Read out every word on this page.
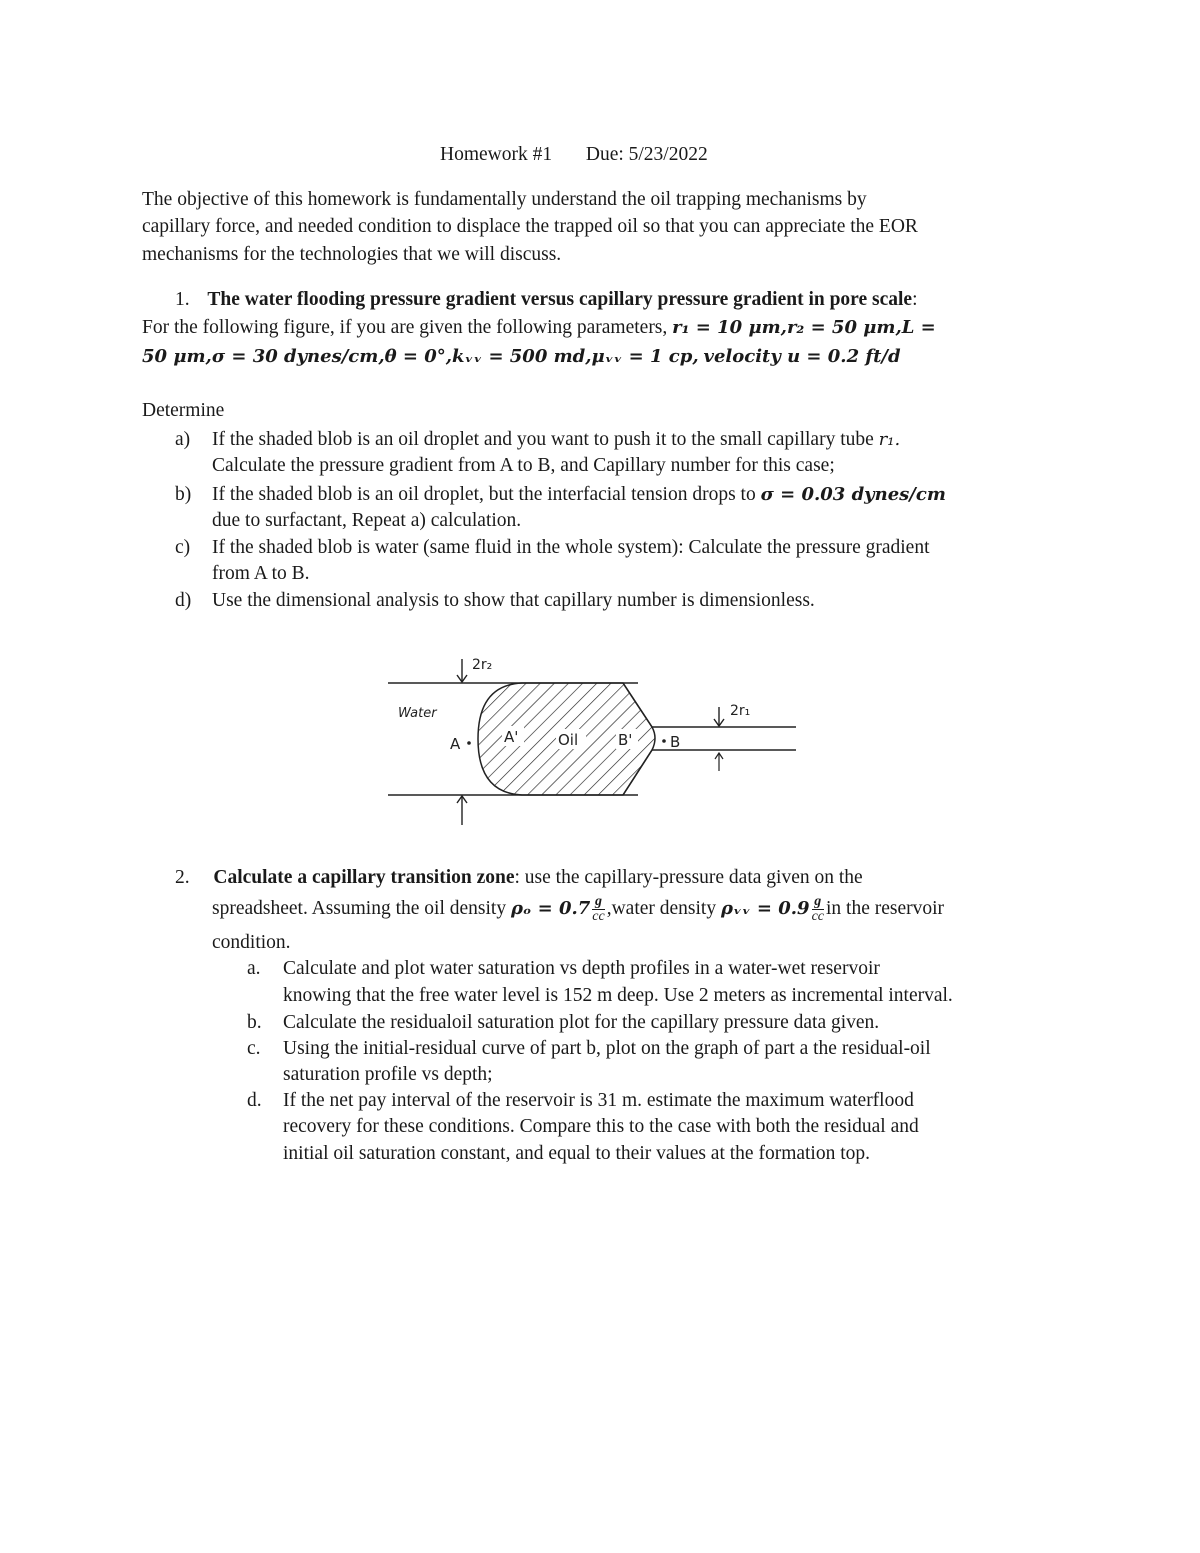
Homework #1 Due: 5/23/2022
The objective of this homework is fundamentally understand the oil trapping mechanisms by
capillary force, and needed condition to displace the trapped oil so that you can appreciate the EOR
mechanisms for the technologies that we will discuss.
1. The water flooding pressure gradient versus capillary pressure gradient in pore scale:
For the following figure, if you are given the following parameters, r₁ = 10 μm,r₂ = 50 μm,L =
50 μm,σ = 30 dynes/cm,θ = 0°,kᵥᵥ = 500 md,μᵥᵥ = 1 cp, velocity u = 0.2 ft/d
Determine
a) If the shaded blob is an oil droplet and you want to push it to the small capillary tube r₁.
Calculate the pressure gradient from A to B, and Capillary number for this case;
b) If the shaded blob is an oil droplet, but the interfacial tension drops to σ = 0.03 dynes/cm
due to surfactant, Repeat a) calculation.
c) If the shaded blob is water (same fluid in the whole system): Calculate the pressure gradient
from A to B.
d) Use the dimensional analysis to show that capillary number is dimensionless.
2r₂
2r₁
Water
A	A'	Oil	B'	B
2. Calculate a capillary transition zone: use the capillary-pressure data given on the
spreadsheet. Assuming the oil density $\rho_o = 0.7 \frac{g}{cc}$ ,water density ρᵥᵥ = $0.9 \frac{g}{cc}$ in the reservoir
condition.
a. Calculate and plot water saturation vs depth profiles in a water-wet reservoir
knowing that the free water level is 152 m deep. Use 2 meters as incremental interval.
b. Calculate the residualoil saturation plot for the capillary pressure data given.
c. Using the initial-residual curve of part b, plot on the graph of part a the residual-oil
saturation profile vs depth;
d. If the net pay interval of the reservoir is 31 m. estimate the maximum waterflood
recovery for these conditions. Compare this to the case with both the residual and
initial oil saturation constant, and equal to their values at the formation top.
